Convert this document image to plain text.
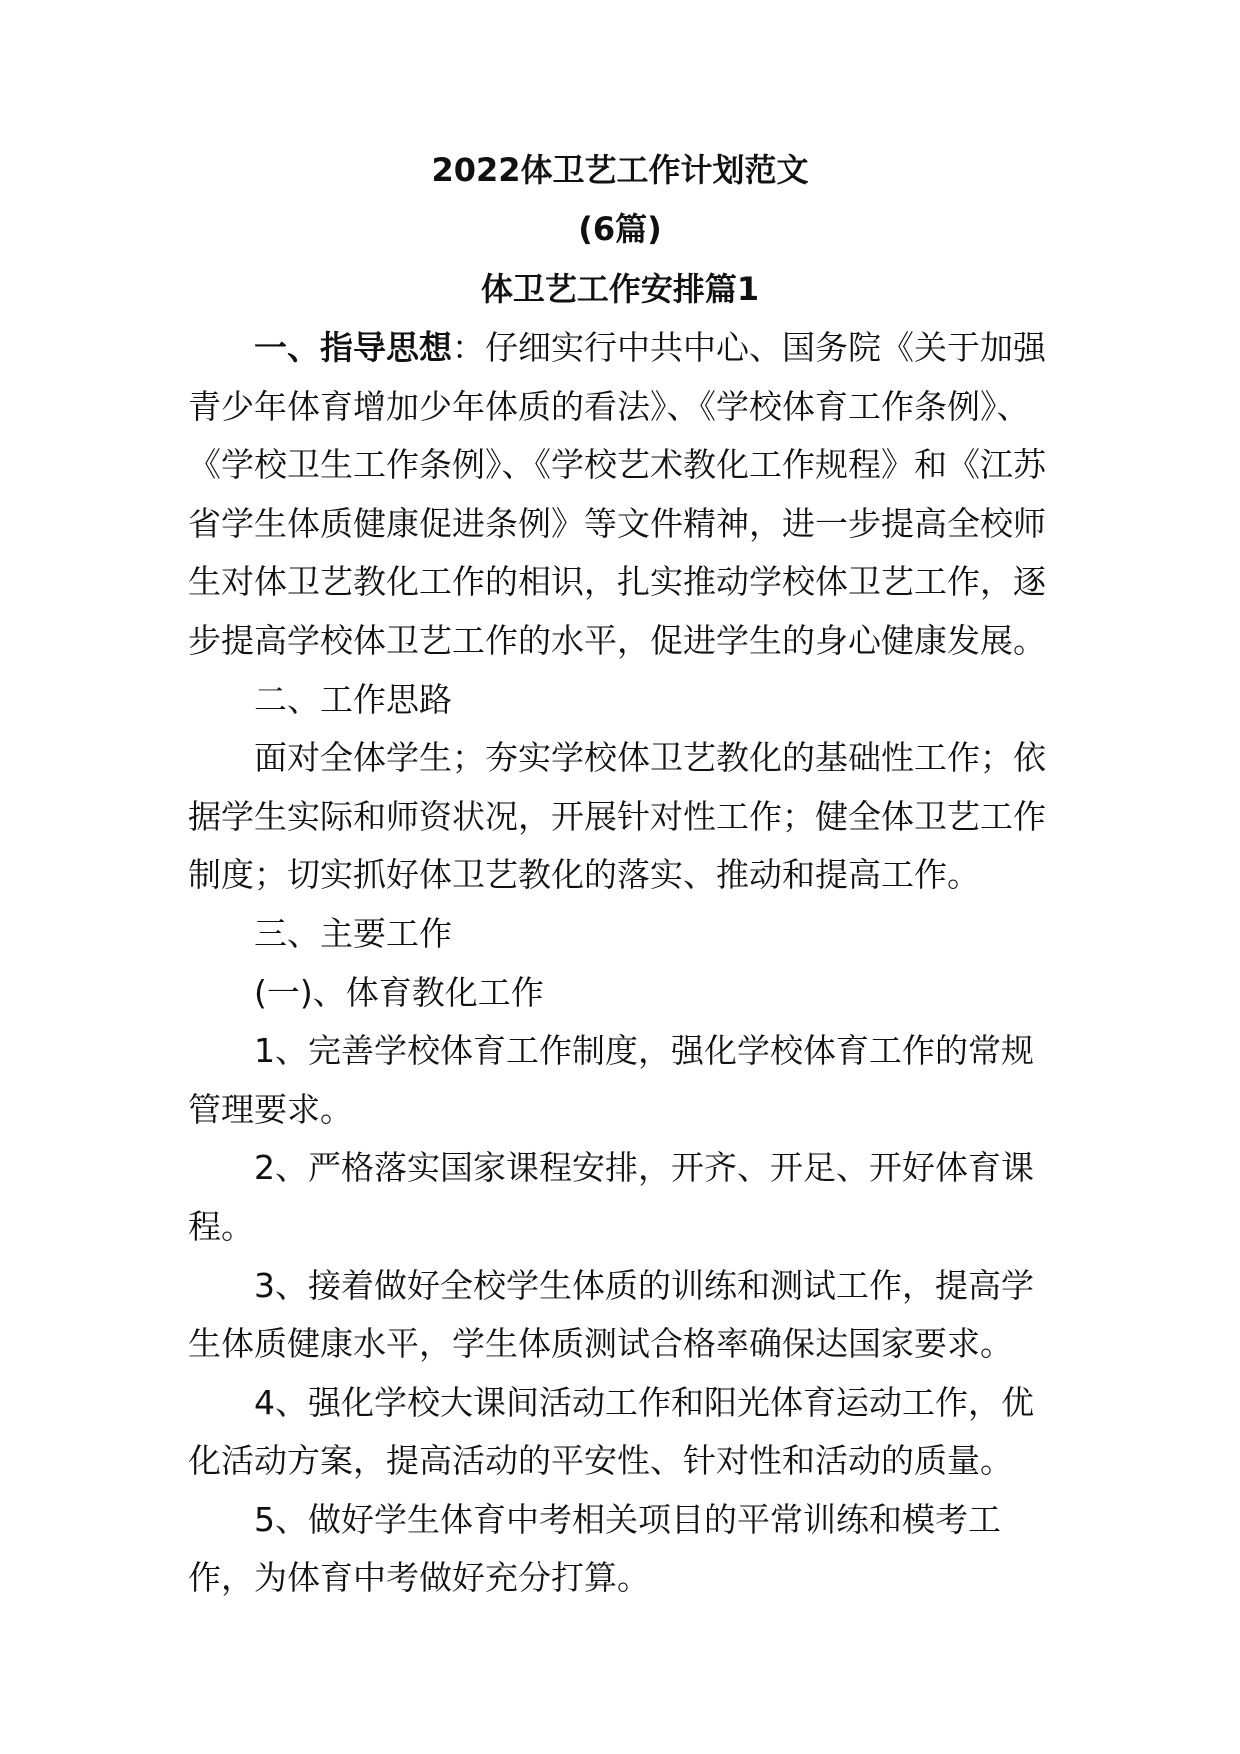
2022体卫艺工作计划范文
(6篇)
体卫艺工作安排篇1

一、指导思想：仔细实行中共中心、国务院《关于加强青少年体育增加少年体质的看法》、《学校体育工作条例》、《学校卫生工作条例》、《学校艺术教化工作规程》和《江苏省学生体质健康促进条例》等文件精神，进一步提高全校师生对体卫艺教化工作的相识，扎实推动学校体卫艺工作，逐步提高学校体卫艺工作的水平，促进学生的身心健康发展。

二、工作思路

面对全体学生；夯实学校体卫艺教化的基础性工作；依据学生实际和师资状况，开展针对性工作；健全体卫艺工作制度；切实抓好体卫艺教化的落实、推动和提高工作。

三、主要工作

(一)、体育教化工作

1、完善学校体育工作制度，强化学校体育工作的常规管理要求。

2、严格落实国家课程安排，开齐、开足、开好体育课程。

3、接着做好全校学生体质的训练和测试工作，提高学生体质健康水平，学生体质测试合格率确保达国家要求。

4、强化学校大课间活动工作和阳光体育运动工作，优化活动方案，提高活动的平安性、针对性和活动的质量。

5、做好学生体育中考相关项目的平常训练和模考工作，为体育中考做好充分打算。
